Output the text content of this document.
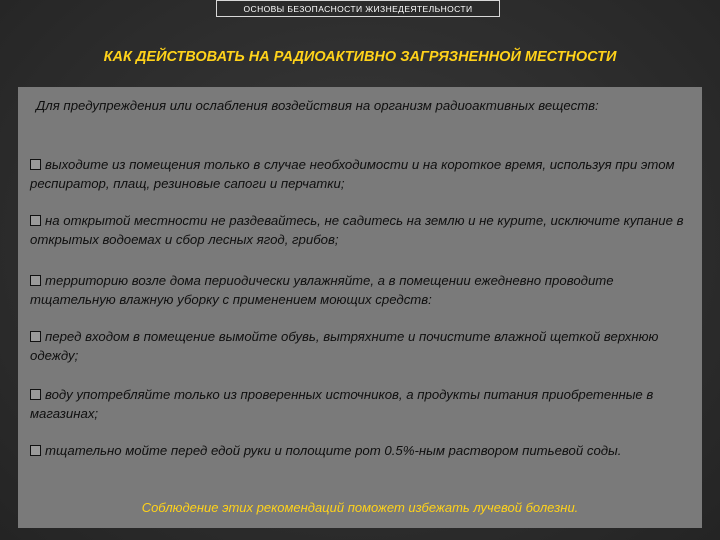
ОСНОВЫ БЕЗОПАСНОСТИ ЖИЗНЕДЕЯТЕЛЬНОСТИ
КАК ДЕЙСТВОВАТЬ НА РАДИОАКТИВНО ЗАГРЯЗНЕННОЙ МЕСТНОСТИ
Для предупреждения или ослабления воздействия на организм радиоактивных веществ:
выходите из помещения только в случае необходимости и на короткое время, используя при этом респиратор, плащ, резиновые сапоги и перчатки;
на открытой местности не раздевайтесь, не садитесь на землю и не курите, исключите купание в открытых водоемах и сбор лесных ягод, грибов;
территорию возле дома периодически увлажняйте, а в помещении ежедневно проводите тщательную влажную уборку с применением моющих средств:
перед входом в помещение вымойте обувь, вытряхните и почистите влажной щеткой верхнюю одежду;
воду употребляйте только из проверенных источников, а продукты питания приобретенные в магазинах;
тщательно мойте перед едой руки и полощите рот 0.5%-ным раствором питьевой соды.
Соблюдение этих рекомендаций поможет избежать лучевой болезни.
